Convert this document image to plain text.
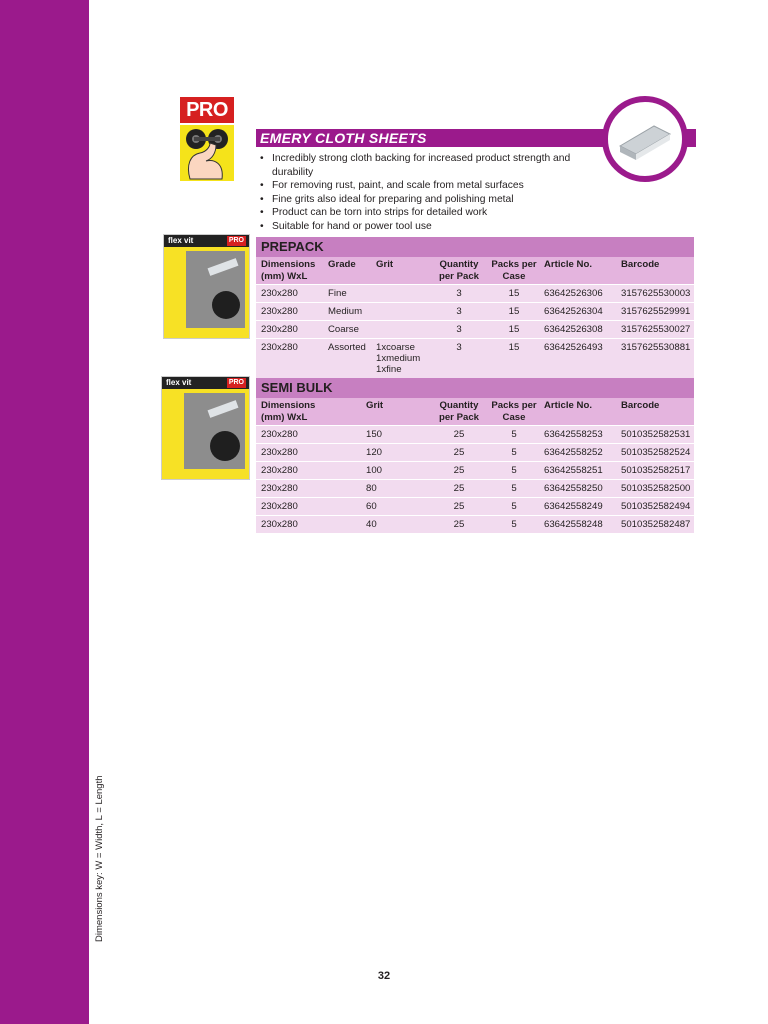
Dimensions key: W = Width, L = Length
PRO
EMERY CLOTH SHEETS
• Incredibly strong cloth backing for increased product strength and durability
• For removing rust, paint, and scale from metal surfaces
• Fine grits also ideal for preparing and polishing metal
• Product can be torn into strips for detailed work
• Suitable for hand or power tool use
flex vit	PRO
flex vit	PRO
PREPACK
Dimensions (mm) WxL	Grade	Grit	Quantity per Pack	Packs per Case	Article No.	Barcode
230x280	Fine		3	15	63642526306	3157625530003
230x280	Medium		3	15	63642526304	3157625529991
230x280	Coarse		3	15	63642526308	3157625530027
230x280	Assorted	1xcoarse 1xmedium 1xfine	3	15	63642526493	3157625530881
SEMI BULK
Dimensions (mm) WxL		Grit	Quantity per Pack	Packs per Case	Article No.	Barcode
230x280		150	25	5	63642558253	5010352582531
230x280		120	25	5	63642558252	5010352582524
230x280		100	25	5	63642558251	5010352582517
230x280		80	25	5	63642558250	5010352582500
230x280		60	25	5	63642558249	5010352582494
230x280		40	25	5	63642558248	5010352582487
32
